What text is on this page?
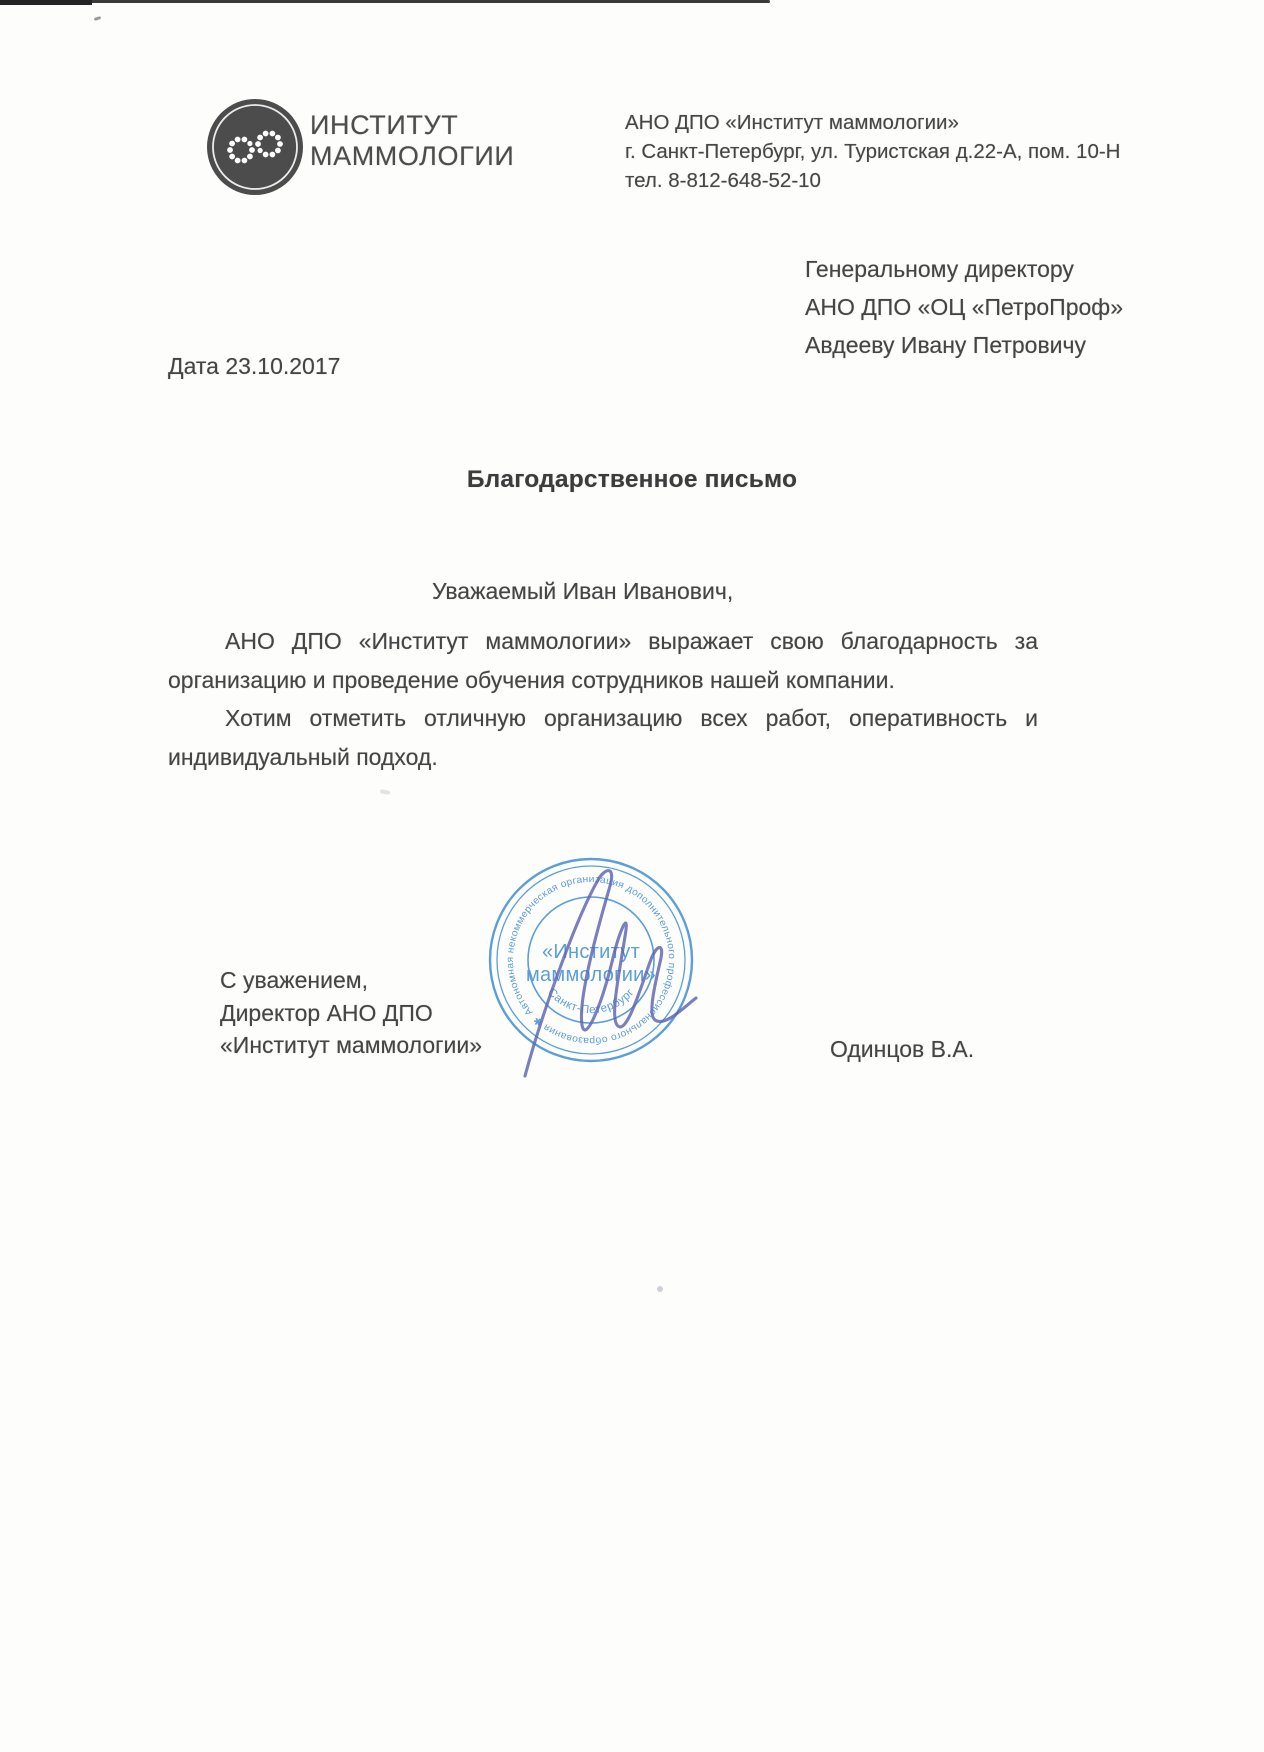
ИНСТИТУТ
МАММОЛОГИИ
АНО ДПО «Институт маммологии»
г. Санкт-Петербург, ул. Туристская д.22-А, пом. 10-Н
тел. 8-812-648-52-10
Генеральному директору
АНО ДПО «ОЦ «ПетроПроф»
Авдееву Ивану Петровичу
Дата 23.10.2017
Благодарственное письмо
Уважаемый Иван Иванович,
АНО ДПО «Институт маммологии» выражает свою благодарность за
организацию и проведение обучения сотрудников нашей компании.
Хотим отметить отличную организацию всех работ, оперативность и
индивидуальный подход.
С уважением,
Директор АНО ДПО
«Институт маммологии»
Автономная некоммерческая организация дополнительного профессионального образования ✱
«Институт
маммологии»
Санкт-Петербург
Одинцов В.А.
